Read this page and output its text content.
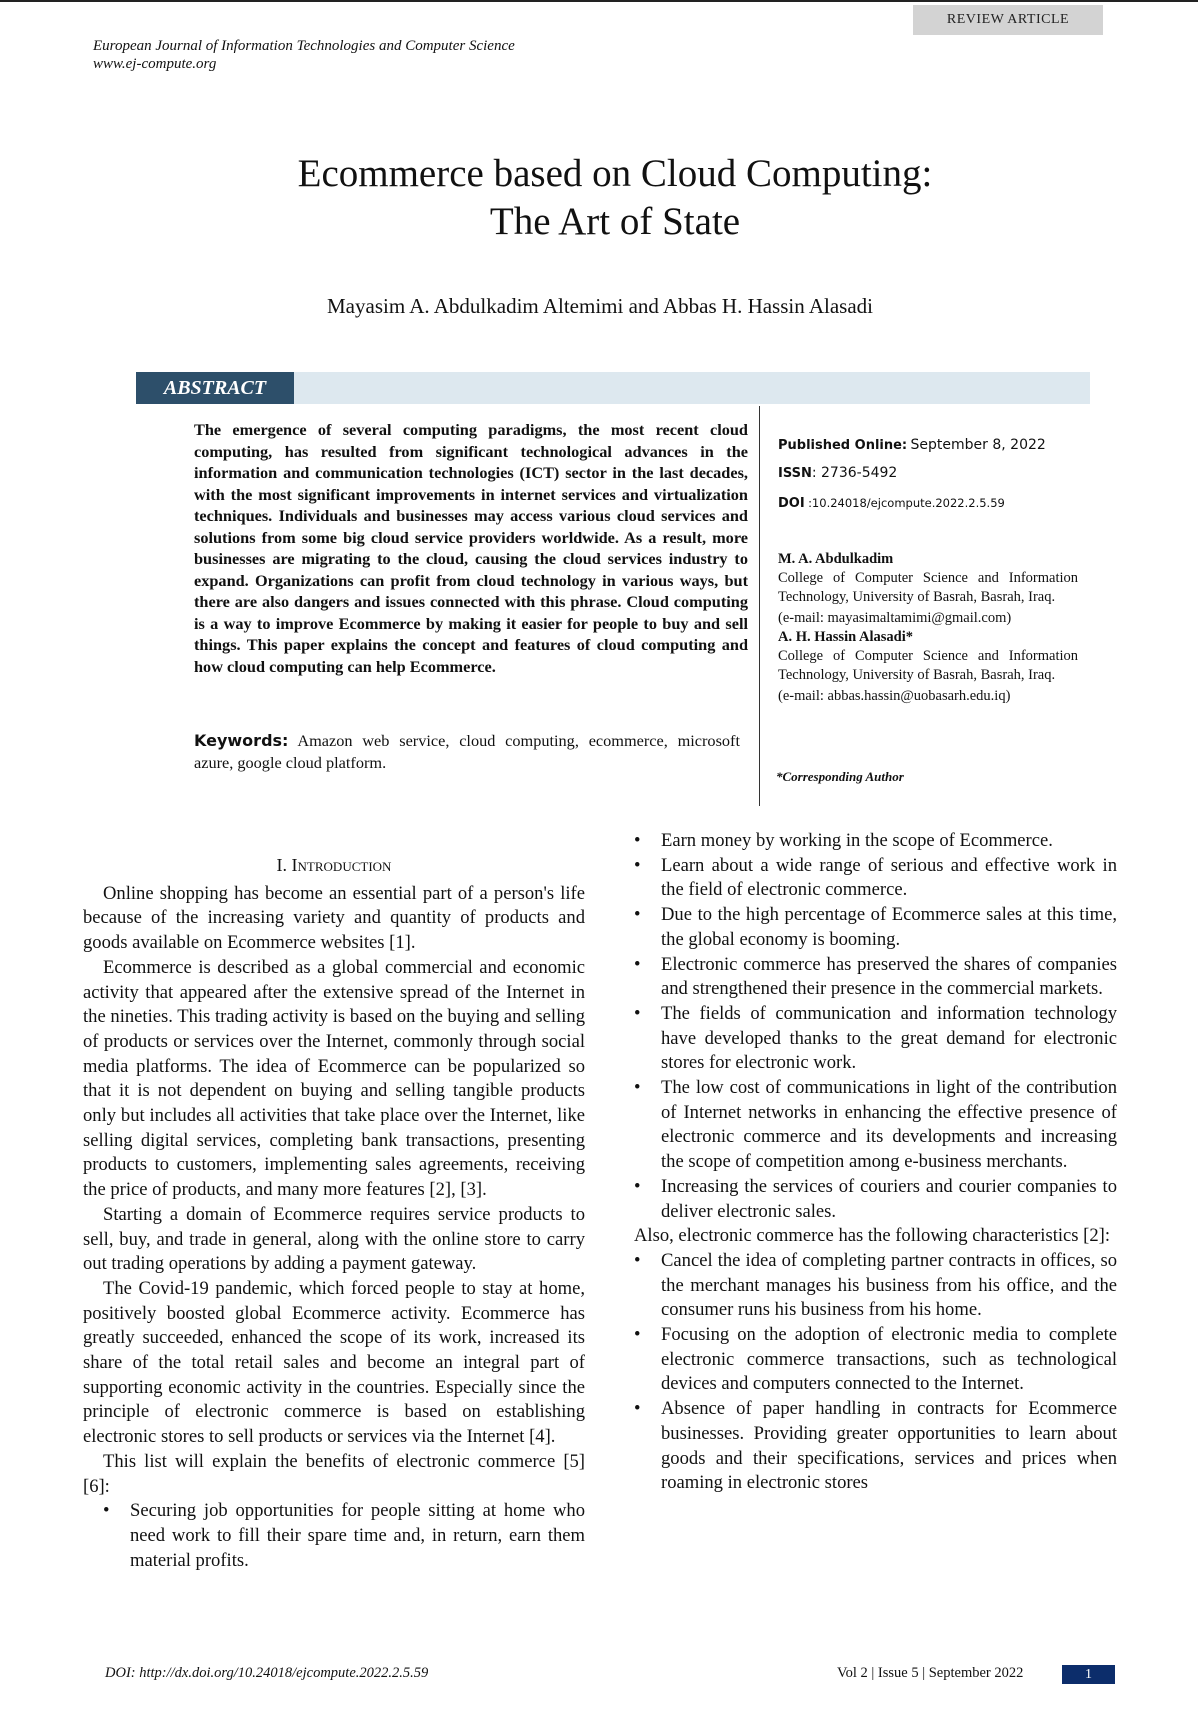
REVIEW ARTICLE
European Journal of Information Technologies and Computer Science
www.ej-compute.org
Ecommerce based on Cloud Computing:
The Art of State
Mayasim A. Abdulkadim Altemimi and Abbas H. Hassin Alasadi
ABSTRACT
The emergence of several computing paradigms, the most recent cloud computing, has resulted from significant technological advances in the information and communication technologies (ICT) sector in the last decades, with the most significant improvements in internet services and virtualization techniques. Individuals and businesses may access various cloud services and solutions from some big cloud service providers worldwide. As a result, more businesses are migrating to the cloud, causing the cloud services industry to expand. Organizations can profit from cloud technology in various ways, but there are also dangers and issues connected with this phrase. Cloud computing is a way to improve Ecommerce by making it easier for people to buy and sell things. This paper explains the concept and features of cloud computing and how cloud computing can help Ecommerce.
Keywords: Amazon web service, cloud computing, ecommerce, microsoft azure, google cloud platform.
Published Online: September 8, 2022
ISSN: 2736-5492
DOI :10.24018/ejcompute.2022.2.5.59
M. A. Abdulkadim
College of Computer Science and Information Technology, University of Basrah, Basrah, Iraq.
(e-mail: mayasimaltamimi@gmail.com)
A. H. Hassin Alasadi*
College of Computer Science and Information Technology, University of Basrah, Basrah, Iraq.
(e-mail: abbas.hassin@uobasarh.edu.iq)
*Corresponding Author
I. Introduction

Online shopping has become an essential part of a person's life because of the increasing variety and quantity of products and goods available on Ecommerce websites [1].

Ecommerce is described as a global commercial and economic activity that appeared after the extensive spread of the Internet in the nineties. This trading activity is based on the buying and selling of products or services over the Internet, commonly through social media platforms. The idea of Ecommerce can be popularized so that it is not dependent on buying and selling tangible products only but includes all activities that take place over the Internet, like selling digital services, completing bank transactions, presenting products to customers, implementing sales agreements, receiving the price of products, and many more features [2], [3].

Starting a domain of Ecommerce requires service products to sell, buy, and trade in general, along with the online store to carry out trading operations by adding a payment gateway.

The Covid-19 pandemic, which forced people to stay at home, positively boosted global Ecommerce activity. Ecommerce has greatly succeeded, enhanced the scope of its work, increased its share of the total retail sales and become an integral part of supporting economic activity in the countries. Especially since the principle of electronic commerce is based on establishing electronic stores to sell products or services via the Internet [4].

This list will explain the benefits of electronic commerce [5] [6]:

•	Securing job opportunities for people sitting at home who need work to fill their spare time and, in return, earn them material profits.
•	Earn money by working in the scope of Ecommerce.
•	Learn about a wide range of serious and effective work in the field of electronic commerce.
•	Due to the high percentage of Ecommerce sales at this time, the global economy is booming.
•	Electronic commerce has preserved the shares of companies and strengthened their presence in the commercial markets.
•	The fields of communication and information technology have developed thanks to the great demand for electronic stores for electronic work.
•	The low cost of communications in light of the contribution of Internet networks in enhancing the effective presence of electronic commerce and its developments and increasing the scope of competition among e-business merchants.
•	Increasing the services of couriers and courier companies to deliver electronic sales.

Also, electronic commerce has the following characteristics [2]:

•	Cancel the idea of completing partner contracts in offices, so the merchant manages his business from his office, and the consumer runs his business from his home.
•	Focusing on the adoption of electronic media to complete electronic commerce transactions, such as technological devices and computers connected to the Internet.
•	Absence of paper handling in contracts for Ecommerce businesses. Providing greater opportunities to learn about goods and their specifications, services and prices when roaming in electronic stores
DOI: http://dx.doi.org/10.24018/ejcompute.2022.2.5.59	Vol 2 | Issue 5 | September 2022	1
